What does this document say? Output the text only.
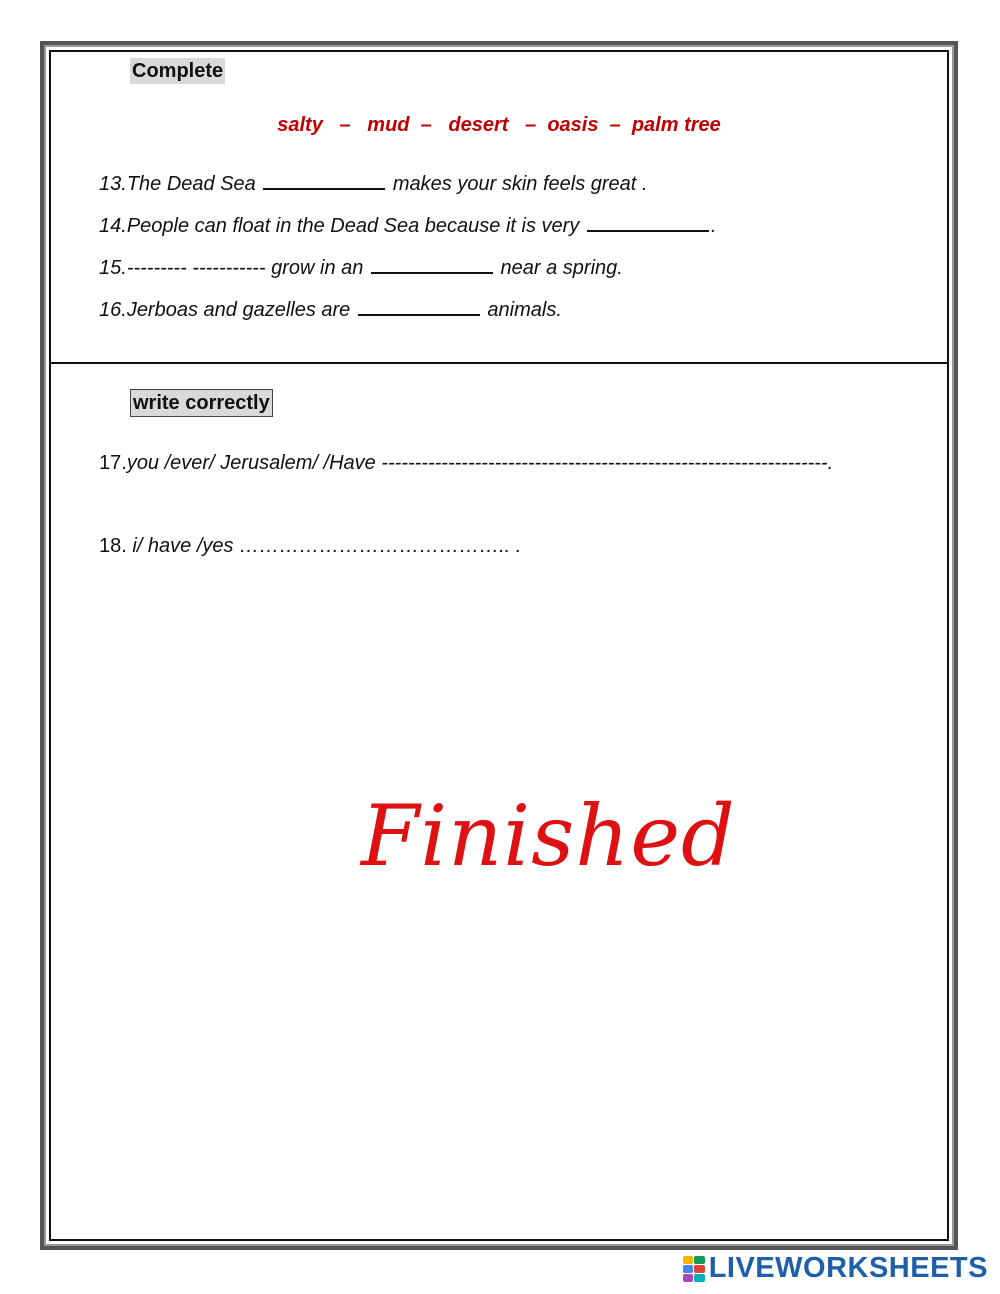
Complete
salty   –   mud  –   desert   –  oasis  –  palm tree
13.The Dead Sea	makes your skin feels great .
14.People can float in the Dead Sea because it is very	.
15.--------- ----------- grow in an	near a spring.
16.Jerboas and gazelles are	animals.
write correctly
17.you /ever/ Jerusalem/ /Have -------------------------------------------------------------------.
18. i/ have /yes ………………………………….. .
Finished
LIVEWORKSHEETS
